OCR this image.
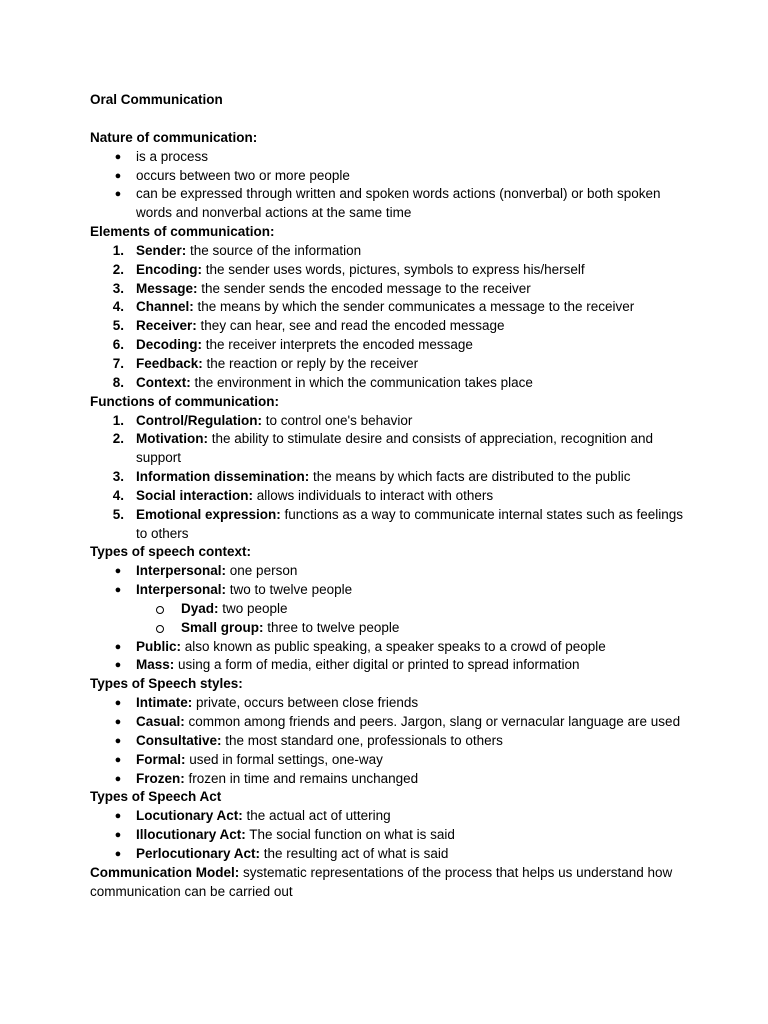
Oral Communication

Nature of communication:

●	is a process
●	occurs between two or more people
●	can be expressed through written and spoken words actions (nonverbal) or both spoken words and nonverbal actions at the same time

Elements of communication:

1. Sender: the source of the information
2. Encoding: the sender uses words, pictures, symbols to express his/herself
3. Message: the sender sends the encoded message to the receiver
4. Channel: the means by which the sender communicates a message to the receiver
5. Receiver: they can hear, see and read the encoded message
6. Decoding: the receiver interprets the encoded message
7. Feedback: the reaction or reply by the receiver
8. Context: the environment in which the communication takes place

Functions of communication:

1. Control/Regulation: to control one's behavior
2. Motivation: the ability to stimulate desire and consists of appreciation, recognition and support
3. Information dissemination: the means by which facts are distributed to the public
4. Social interaction: allows individuals to interact with others
5. Emotional expression: functions as a way to communicate internal states such as feelings to others

Types of speech context:

●	Interpersonal: one person
●	Interpersonal: two to twelve people
Dyad: two people
Small group: three to twelve people
●	Public: also known as public speaking, a speaker speaks to a crowd of people
●	Mass: using a form of media, either digital or printed to spread information

Types of Speech styles:

●	Intimate: private, occurs between close friends
●	Casual: common among friends and peers. Jargon, slang or vernacular language are used
●	Consultative: the most standard one, professionals to others
●	Formal: used in formal settings, one-way
●	Frozen: frozen in time and remains unchanged

Types of Speech Act

●	Locutionary Act: the actual act of uttering
●	Illocutionary Act: The social function on what is said
●	Perlocutionary Act: the resulting act of what is said

Communication Model: systematic representations of the process that helps us understand how communication can be carried out
